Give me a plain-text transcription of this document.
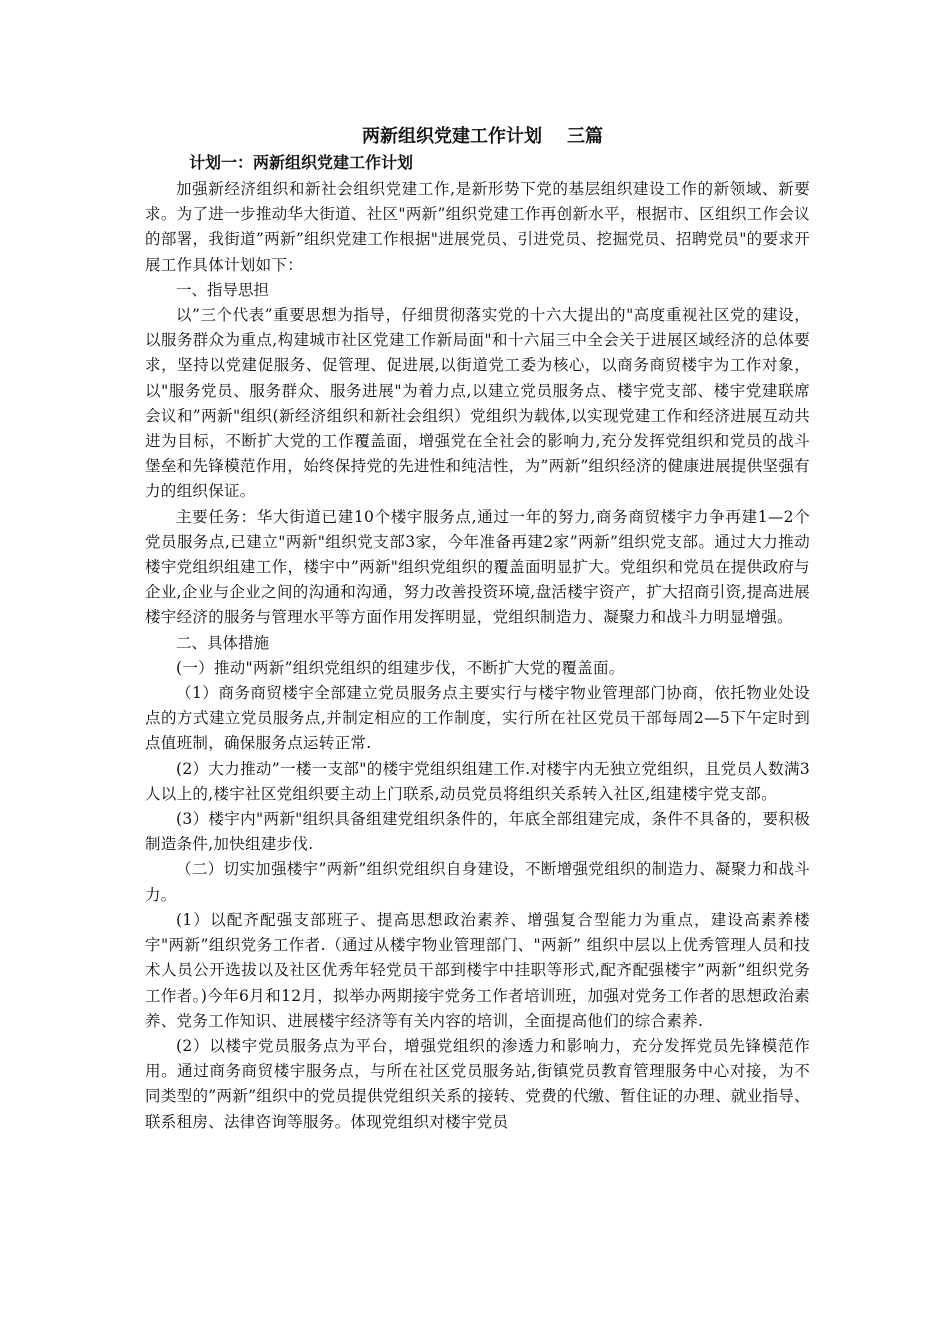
两新组织党建工作计划    三篇
计划一：两新组织党建工作计划

加强新经济组织和新社会组织党建工作,是新形势下党的基层组织建设工作的新领域、新要求。为了进一步推动华大街道、社区"两新”组织党建工作再创新水平，根据市、区组织工作会议的部署，我街道”两新”组织党建工作根据"进展党员、引进党员、挖掘党员、招聘党员"的要求开展工作具体计划如下：

一、指导思担

以”三个代表”重要思想为指导，仔细贯彻落实党的十六大提出的"高度重视社区党的建设，以服务群众为重点,构建城市社区党建工作新局面"和十六届三中全会关于进展区域经济的总体要求，坚持以党建促服务、促管理、促进展,以街道党工委为核心，以商务商贸楼宇为工作对象，以"服务党员、服务群众、服务进展"为着力点,以建立党员服务点、楼宇党支部、楼宇党建联席会议和”两新"组织(新经济组织和新社会组织）党组织为载体,以实现党建工作和经济进展互动共进为目标，不断扩大党的工作覆盖面，增强党在全社会的影响力,充分发挥党组织和党员的战斗堡垒和先锋模范作用，始终保持党的先进性和纯洁性，为”两新”组织经济的健康进展提供坚强有力的组织保证。

主要任务：华大街道已建10个楼宇服务点,通过一年的努力,商务商贸楼宇力争再建1—2个党员服务点,已建立"两新"组织党支部3家，今年准备再建2家”两新”组织党支部。通过大力推动楼宇党组织组建工作，楼宇中”两新"组织党组织的覆盖面明显扩大。党组织和党员在提供政府与企业,企业与企业之间的沟通和沟通，努力改善投资环境,盘活楼宇资产，扩大招商引资,提高进展楼宇经济的服务与管理水平等方面作用发挥明显，党组织制造力、凝聚力和战斗力明显增强。

二、具体措施

(一）推动"两新”组织党组织的组建步伐，不断扩大党的覆盖面。

（1）商务商贸楼宇全部建立党员服务点主要实行与楼宇物业管理部门协商，依托物业处设点的方式建立党员服务点,并制定相应的工作制度，实行所在社区党员干部每周2—5下午定时到点值班制，确保服务点运转正常.

(2）大力推动”一楼一支部"的楼宇党组织组建工作.对楼宇内无独立党组织，且党员人数满3人以上的,楼宇社区党组织要主动上门联系,动员党员将组织关系转入社区,组建楼宇党支部。

(3）楼宇内"两新"组织具备组建党组织条件的，年底全部组建完成，条件不具备的，要积极制造条件,加快组建步伐.

（二）切实加强楼宇”两新”组织党组织自身建设，不断增强党组织的制造力、凝聚力和战斗力。

(1）以配齐配强支部班子、提高思想政治素养、增强复合型能力为重点，建设高素养楼宇"两新”组织党务工作者.（通过从楼宇物业管理部门、"两新” 组织中层以上优秀管理人员和技术人员公开选拔以及社区优秀年轻党员干部到楼宇中挂职等形式,配齐配强楼宇”两新”组织党务工作者。)今年6月和12月，拟举办两期接宇党务工作者培训班，加强对党务工作者的思想政治素养、党务工作知识、进展楼宇经济等有关内容的培训，全面提高他们的综合素养.

(2）以楼宇党员服务点为平台，增强党组织的渗透力和影响力，充分发挥党员先锋模范作用。通过商务商贸楼宇服务点，与所在社区党员服务站,街镇党员教育管理服务中心对接，为不同类型的”两新”组织中的党员提供党组织关系的接转、党费的代缴、暂住证的办理、就业指导、联系租房、法律咨询等服务。体现党组织对楼宇党员
